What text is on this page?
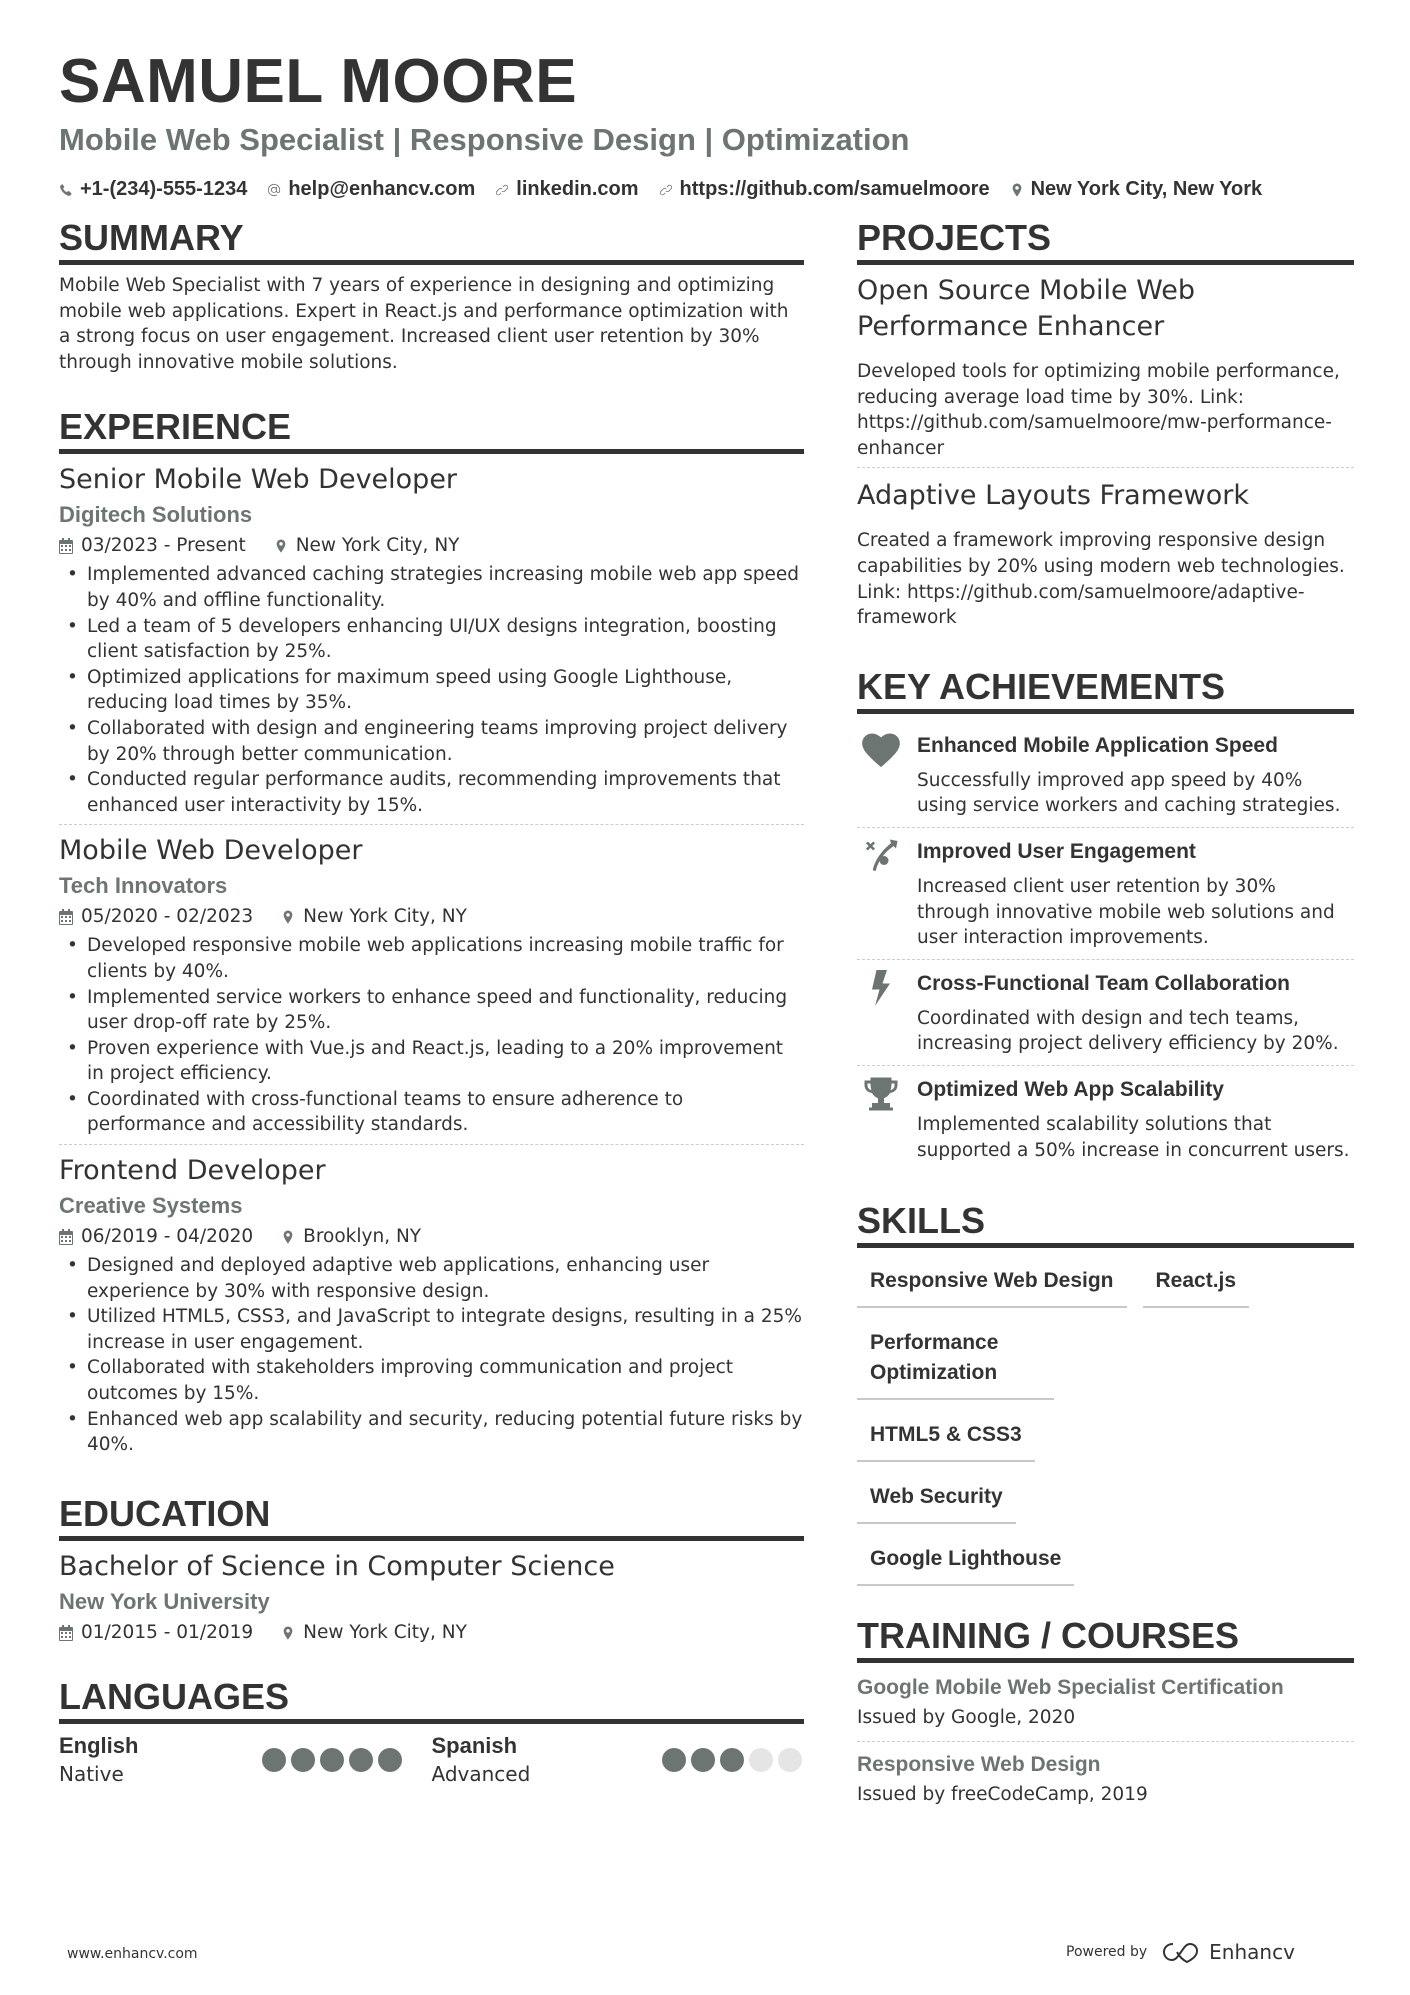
SAMUEL MOORE
Mobile Web Specialist | Responsive Design | Optimization
+1-(234)-555-1234 help@enhancv.com linkedin.com https://github.com/samuelmoore New York City, New York
SUMMARY
Mobile Web Specialist with 7 years of experience in designing and optimizing mobile web applications. Expert in React.js and performance optimization with a strong focus on user engagement. Increased client user retention by 30% through innovative mobile solutions.
EXPERIENCE
Senior Mobile Web Developer
Digitech Solutions
03/2023 - Present	New York City, NY
• Implemented advanced caching strategies increasing mobile web app speed by 40% and offline functionality.
• Led a team of 5 developers enhancing UI/UX designs integration, boosting client satisfaction by 25%.
• Optimized applications for maximum speed using Google Lighthouse, reducing load times by 35%.
• Collaborated with design and engineering teams improving project delivery by 20% through better communication.
• Conducted regular performance audits, recommending improvements that enhanced user interactivity by 15%.
Mobile Web Developer
Tech Innovators
05/2020 - 02/2023	New York City, NY
• Developed responsive mobile web applications increasing mobile traffic for clients by 40%.
• Implemented service workers to enhance speed and functionality, reducing user drop-off rate by 25%.
• Proven experience with Vue.js and React.js, leading to a 20% improvement in project efficiency.
• Coordinated with cross-functional teams to ensure adherence to performance and accessibility standards.
Frontend Developer
Creative Systems
06/2019 - 04/2020	Brooklyn, NY
• Designed and deployed adaptive web applications, enhancing user experience by 30% with responsive design.
• Utilized HTML5, CSS3, and JavaScript to integrate designs, resulting in a 25% increase in user engagement.
• Collaborated with stakeholders improving communication and project outcomes by 15%.
• Enhanced web app scalability and security, reducing potential future risks by 40%.
EDUCATION
Bachelor of Science in Computer Science
New York University
01/2015 - 01/2019	New York City, NY
LANGUAGES
English
Native
Spanish
Advanced
PROJECTS
Open Source Mobile Web Performance Enhancer
Developed tools for optimizing mobile performance, reducing average load time by 30%. Link: https://github.com/samuelmoore/mw-performance-enhancer
Adaptive Layouts Framework
Created a framework improving responsive design capabilities by 20% using modern web technologies. Link: https://github.com/samuelmoore/adaptive-framework
KEY ACHIEVEMENTS
Enhanced Mobile Application Speed
Successfully improved app speed by 40% using service workers and caching strategies.
Improved User Engagement
Increased client user retention by 30% through innovative mobile web solutions and user interaction improvements.
Cross-Functional Team Collaboration
Coordinated with design and tech teams, increasing project delivery efficiency by 20%.
Optimized Web App Scalability
Implemented scalability solutions that supported a 50% increase in concurrent users.
SKILLS
Responsive Web Design	React.js
Performance Optimization
HTML5 & CSS3
Web Security
Google Lighthouse
TRAINING / COURSES
Google Mobile Web Specialist Certification
Issued by Google, 2020
Responsive Web Design
Issued by freeCodeCamp, 2019
www.enhancv.com	Powered by	Enhancv
